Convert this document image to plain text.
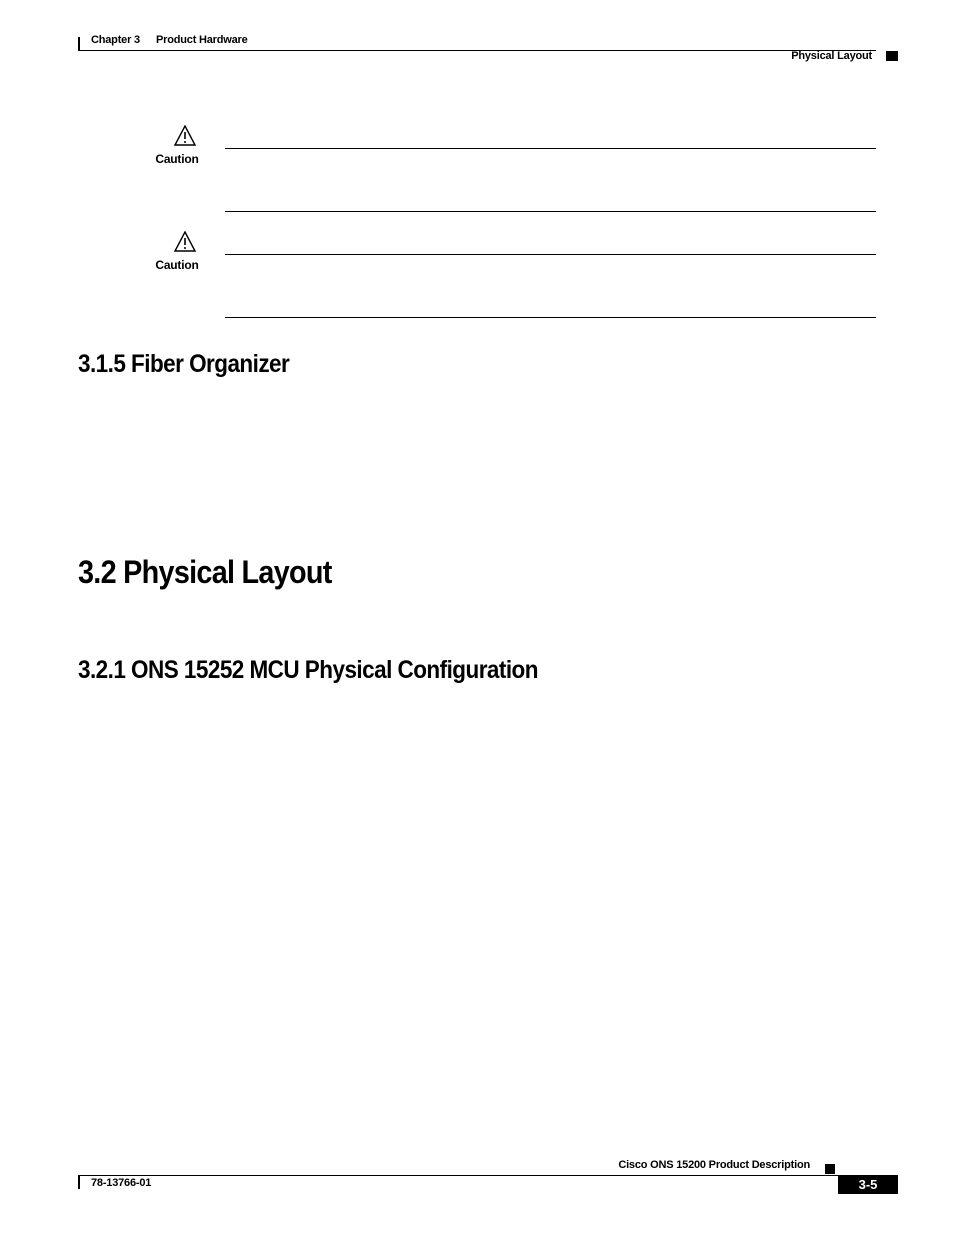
Chapter 3 Product Hardware
Physical Layout
Caution
Caution
3.1.5 Fiber Organizer
3.2 Physical Layout
3.2.1 ONS 15252 MCU Physical Configuration
Cisco ONS 15200 Product Description
78-13766-01	3-5
